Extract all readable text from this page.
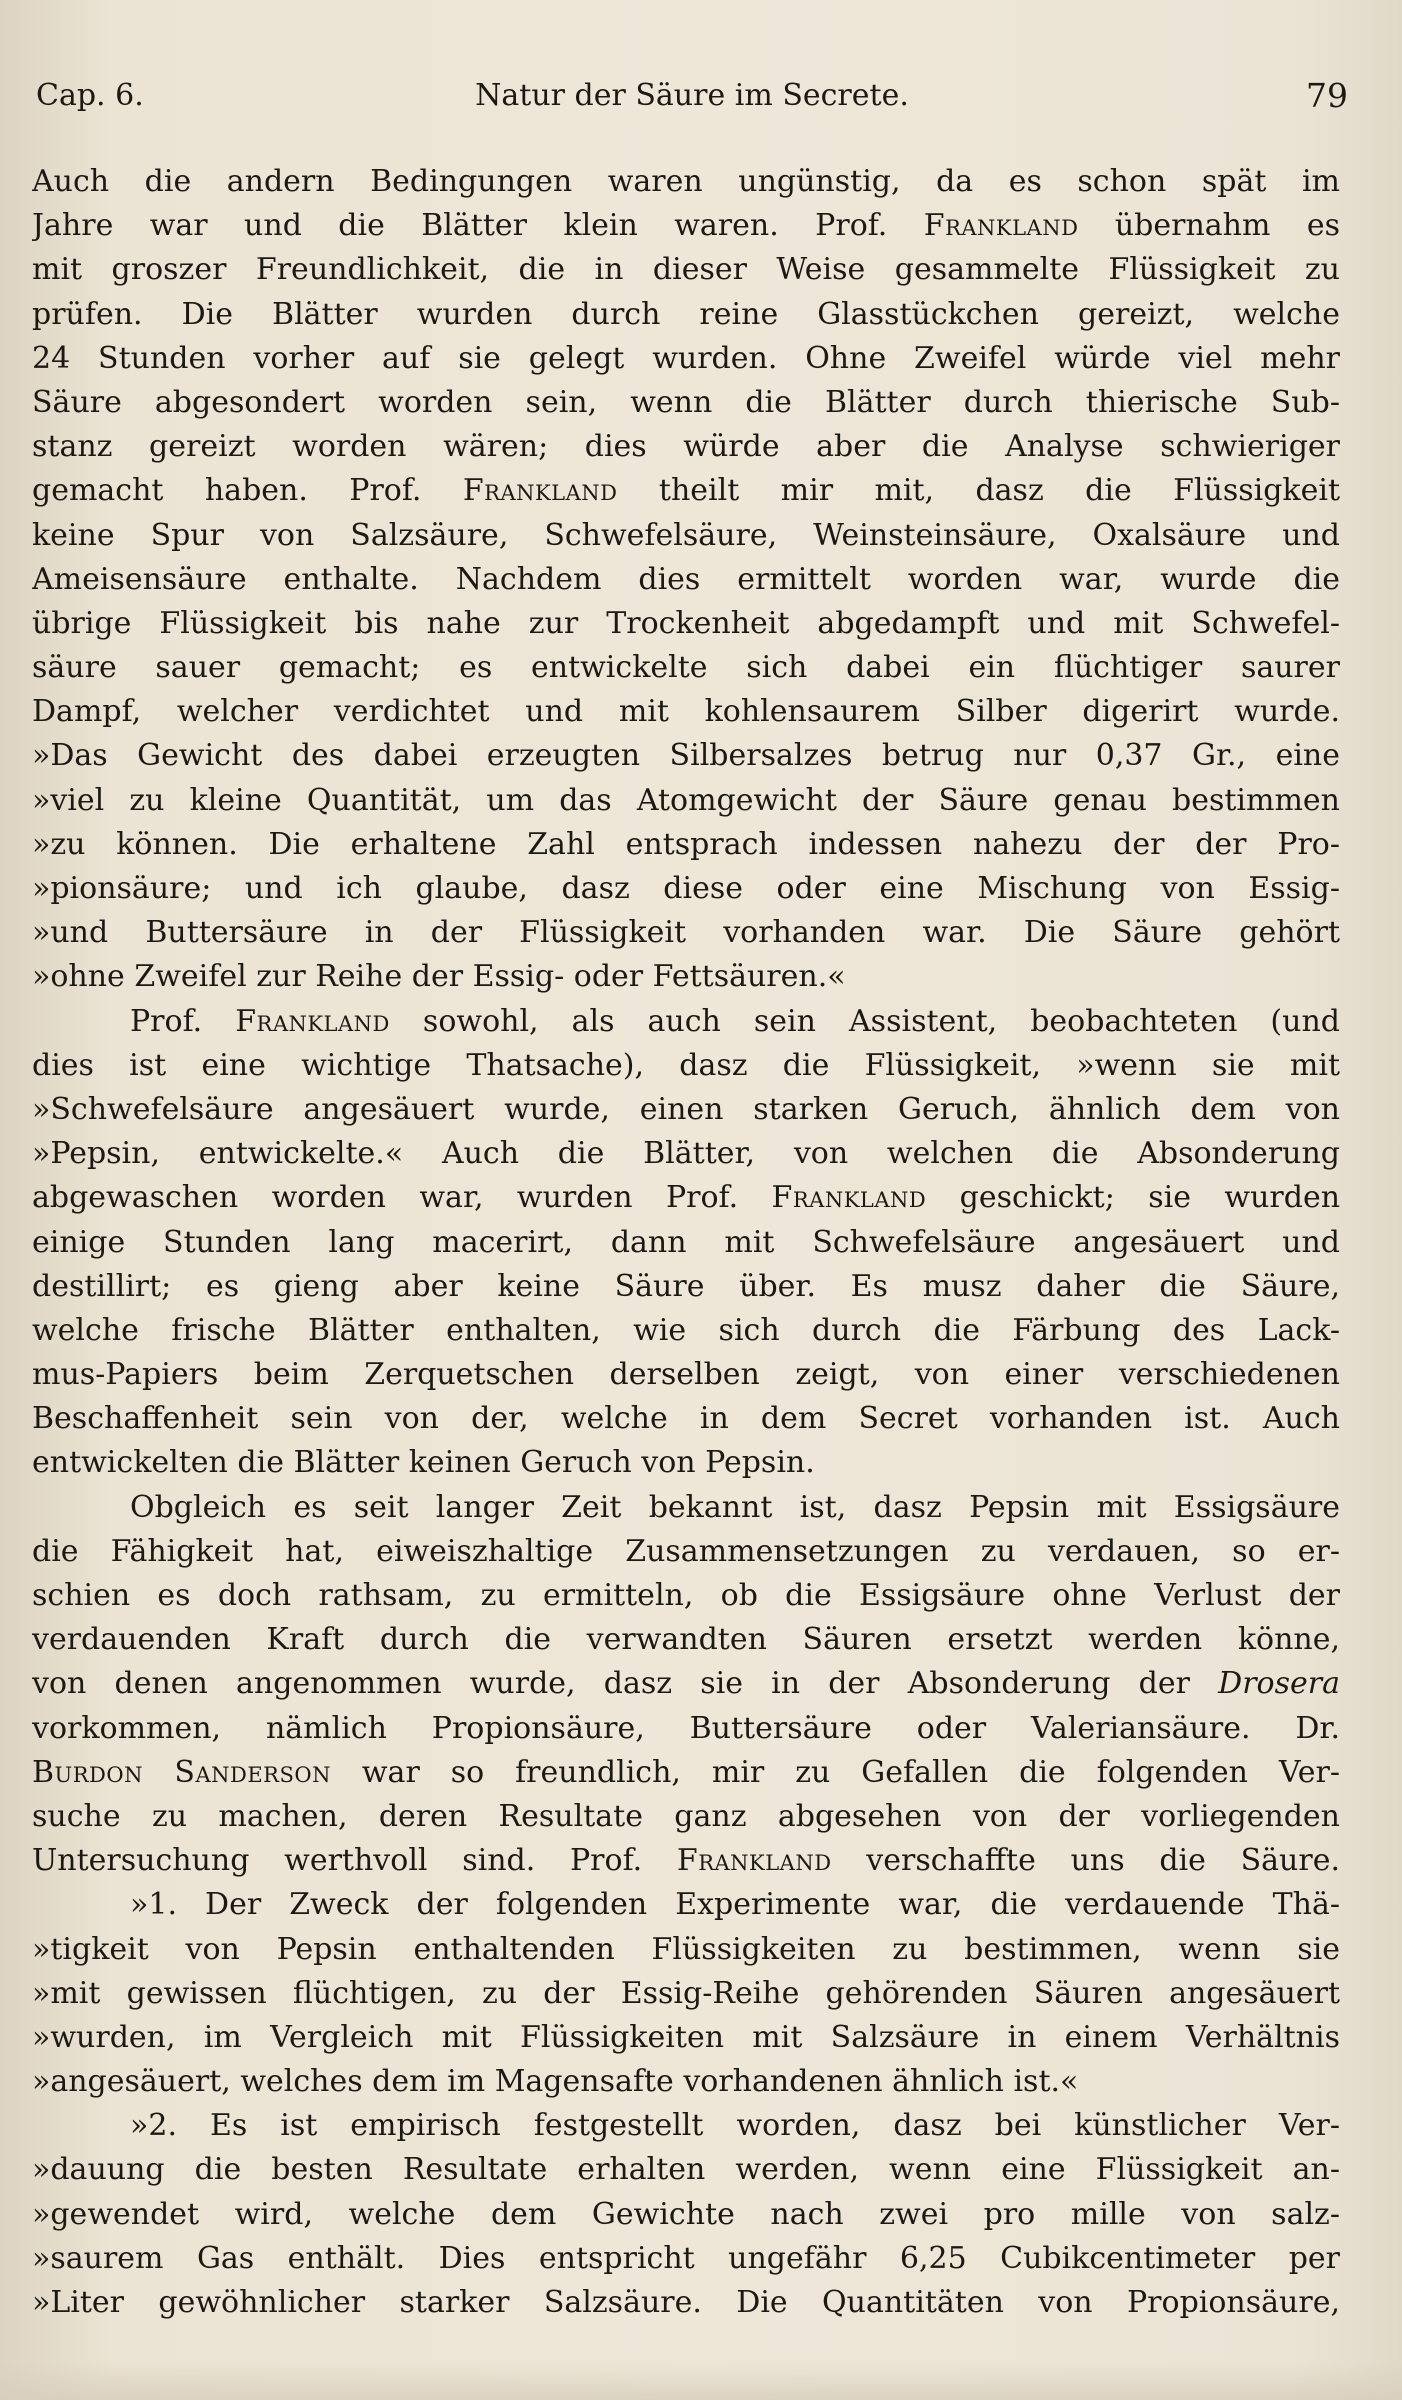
Cap. 6.	Natur der Säure im Secrete.	79
Auch die andern Bedingungen waren ungünstig, da es schon spät im
Jahre war und die Blätter klein waren. Prof. Frankland übernahm es
mit groszer Freundlichkeit, die in dieser Weise gesammelte Flüssigkeit zu
prüfen. Die Blätter wurden durch reine Glasstückchen gereizt, welche
24 Stunden vorher auf sie gelegt wurden. Ohne Zweifel würde viel mehr
Säure abgesondert worden sein, wenn die Blätter durch thierische Sub-
stanz gereizt worden wären; dies würde aber die Analyse schwieriger
gemacht haben. Prof. Frankland theilt mir mit, dasz die Flüssigkeit
keine Spur von Salzsäure, Schwefelsäure, Weinsteinsäure, Oxalsäure und
Ameisensäure enthalte. Nachdem dies ermittelt worden war, wurde die
übrige Flüssigkeit bis nahe zur Trockenheit abgedampft und mit Schwefel-
säure sauer gemacht; es entwickelte sich dabei ein flüchtiger saurer
Dampf, welcher verdichtet und mit kohlensaurem Silber digerirt wurde.
»Das Gewicht des dabei erzeugten Silbersalzes betrug nur 0,37 Gr., eine
»viel zu kleine Quantität, um das Atomgewicht der Säure genau bestimmen
»zu können. Die erhaltene Zahl entsprach indessen nahezu der der Pro-
»pionsäure; und ich glaube, dasz diese oder eine Mischung von Essig-
»und Buttersäure in der Flüssigkeit vorhanden war. Die Säure gehört
»ohne Zweifel zur Reihe der Essig- oder Fettsäuren.«
Prof. Frankland sowohl, als auch sein Assistent, beobachteten (und
dies ist eine wichtige Thatsache), dasz die Flüssigkeit, »wenn sie mit
»Schwefelsäure angesäuert wurde, einen starken Geruch, ähnlich dem von
»Pepsin, entwickelte.« Auch die Blätter, von welchen die Absonderung
abgewaschen worden war, wurden Prof. Frankland geschickt; sie wurden
einige Stunden lang macerirt, dann mit Schwefelsäure angesäuert und
destillirt; es gieng aber keine Säure über. Es musz daher die Säure,
welche frische Blätter enthalten, wie sich durch die Färbung des Lack-
mus-Papiers beim Zerquetschen derselben zeigt, von einer verschiedenen
Beschaffenheit sein von der, welche in dem Secret vorhanden ist. Auch
entwickelten die Blätter keinen Geruch von Pepsin.
Obgleich es seit langer Zeit bekannt ist, dasz Pepsin mit Essigsäure
die Fähigkeit hat, eiweiszhaltige Zusammensetzungen zu verdauen, so er-
schien es doch rathsam, zu ermitteln, ob die Essigsäure ohne Verlust der
verdauenden Kraft durch die verwandten Säuren ersetzt werden könne,
von denen angenommen wurde, dasz sie in der Absonderung der Drosera
vorkommen, nämlich Propionsäure, Buttersäure oder Valeriansäure. Dr.
Burdon Sanderson war so freundlich, mir zu Gefallen die folgenden Ver-
suche zu machen, deren Resultate ganz abgesehen von der vorliegenden
Untersuchung werthvoll sind. Prof. Frankland verschaffte uns die Säure.
»1. Der Zweck der folgenden Experimente war, die verdauende Thä-
»tigkeit von Pepsin enthaltenden Flüssigkeiten zu bestimmen, wenn sie
»mit gewissen flüchtigen, zu der Essig-Reihe gehörenden Säuren angesäuert
»wurden, im Vergleich mit Flüssigkeiten mit Salzsäure in einem Verhältnis
»angesäuert, welches dem im Magensafte vorhandenen ähnlich ist.«
»2. Es ist empirisch festgestellt worden, dasz bei künstlicher Ver-
»dauung die besten Resultate erhalten werden, wenn eine Flüssigkeit an-
»gewendet wird, welche dem Gewichte nach zwei pro mille von salz-
»saurem Gas enthält. Dies entspricht ungefähr 6,25 Cubikcentimeter per
»Liter gewöhnlicher starker Salzsäure. Die Quantitäten von Propionsäure,
